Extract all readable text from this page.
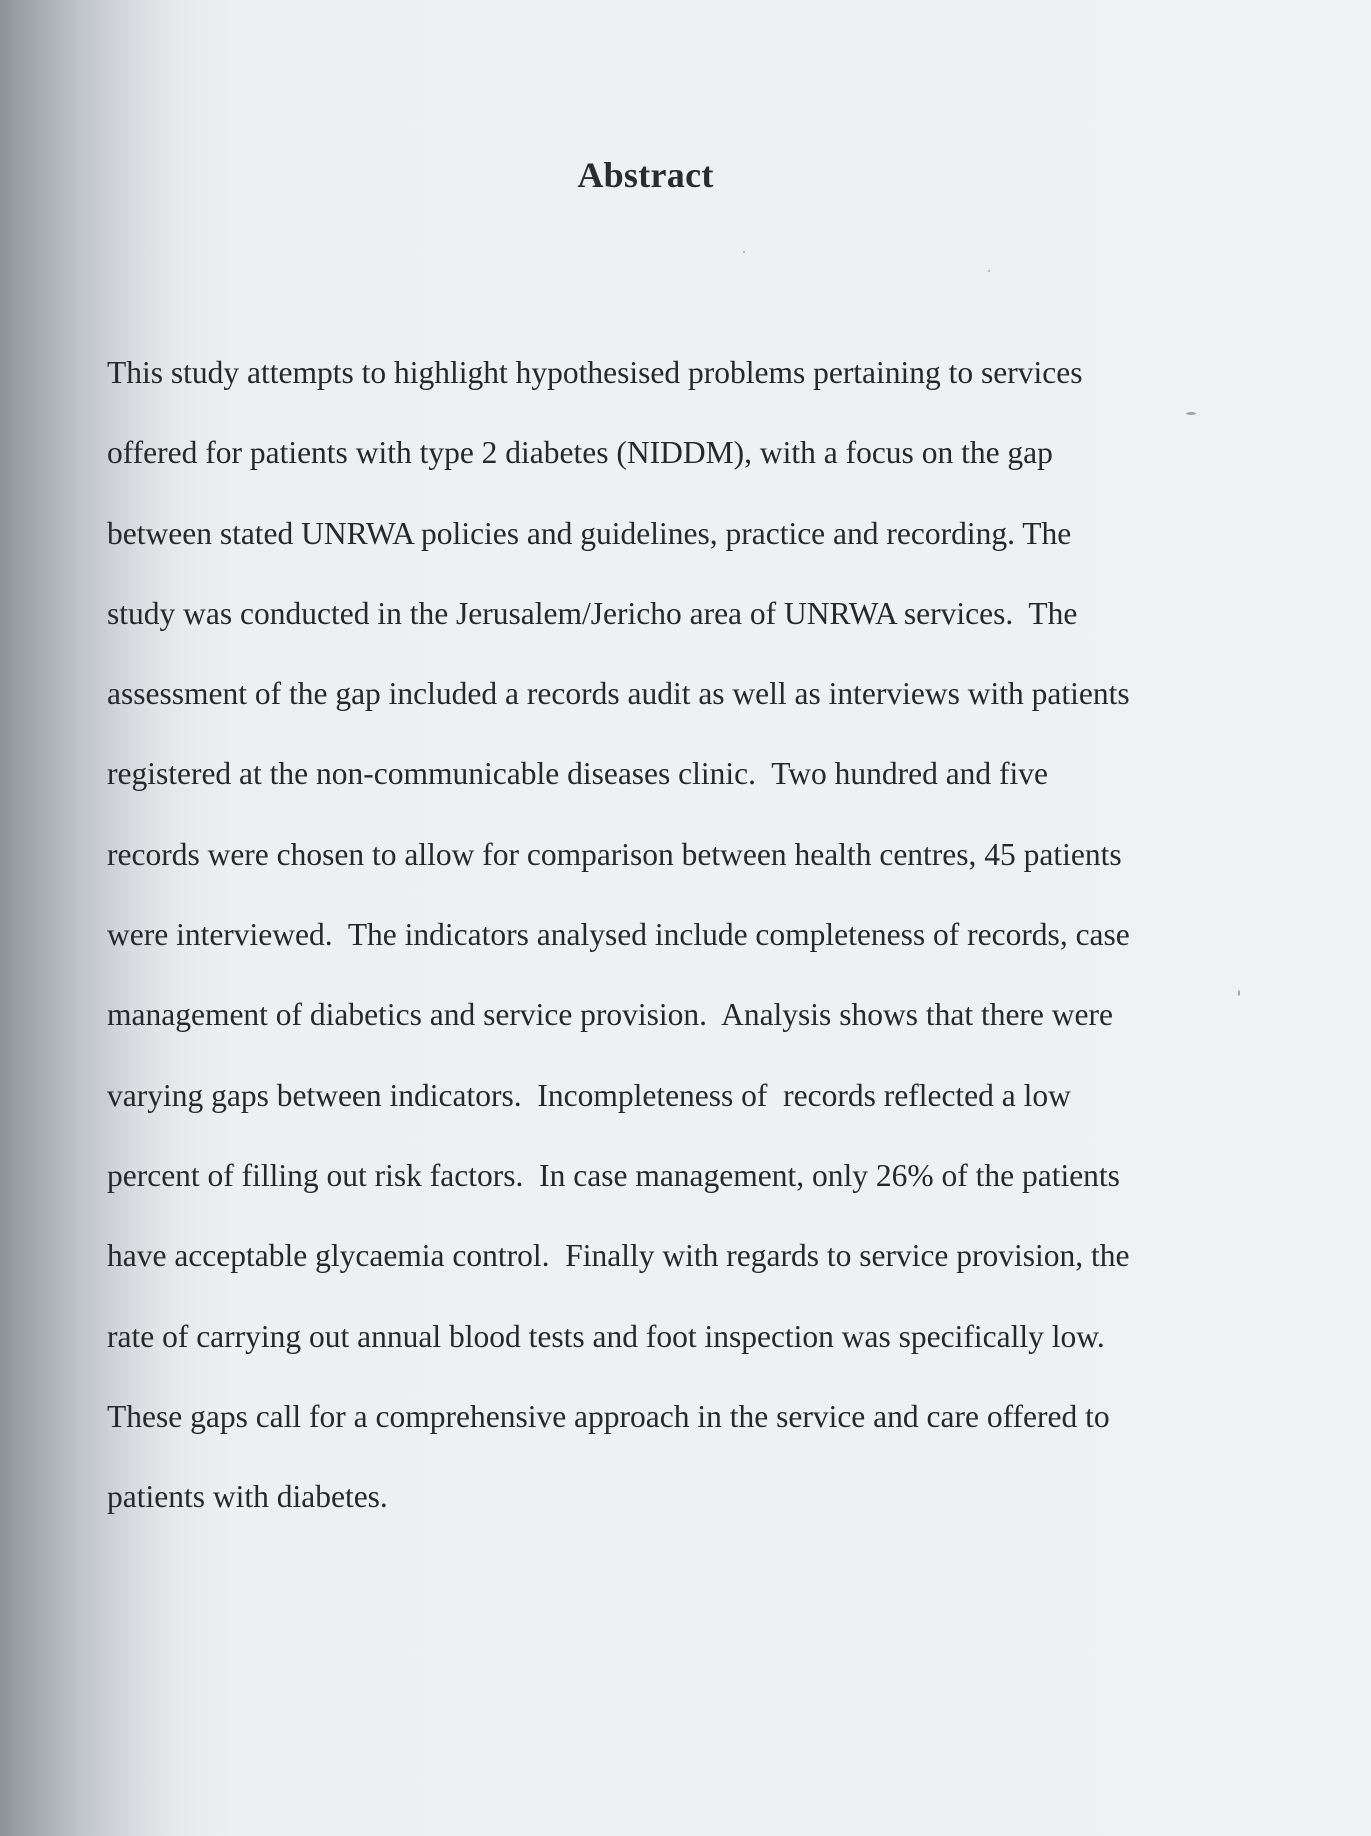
Abstract
This study attempts to highlight hypothesised problems pertaining to services
offered for patients with type 2 diabetes (NIDDM), with a focus on the gap
between stated UNRWA policies and guidelines, practice and recording. The
study was conducted in the Jerusalem/Jericho area of UNRWA services.  The
assessment of the gap included a records audit as well as interviews with patients
registered at the non-communicable diseases clinic.  Two hundred and five
records were chosen to allow for comparison between health centres, 45 patients
were interviewed.  The indicators analysed include completeness of records, case
management of diabetics and service provision.  Analysis shows that there were
varying gaps between indicators.  Incompleteness of  records reflected a low
percent of filling out risk factors.  In case management, only 26% of the patients
have acceptable glycaemia control.  Finally with regards to service provision, the
rate of carrying out annual blood tests and foot inspection was specifically low.
These gaps call for a comprehensive approach in the service and care offered to
patients with diabetes.
